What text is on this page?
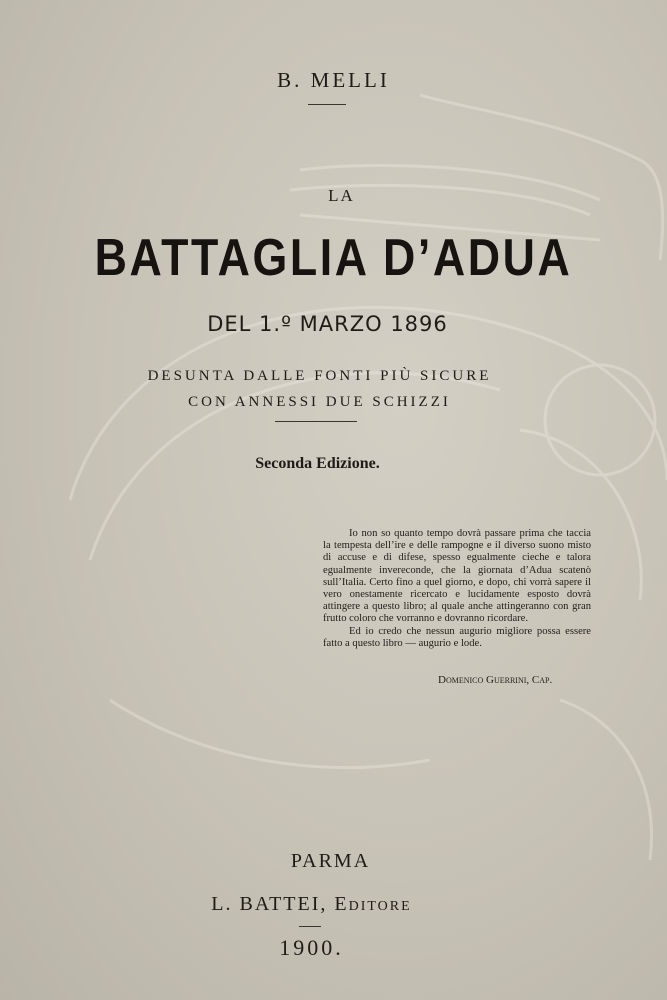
B. MELLI
LA
BATTAGLIA D’ADUA
DEL 1.º MARZO 1896
DESUNTA DALLE FONTI PIÙ SICURE
CON ANNESSI DUE SCHIZZI
Seconda Edizione.

Io non so quanto tempo dovrà passare prima che taccia la tempesta dell’ire e delle rampogne e il diverso suono misto di accuse e di difese, spesso egualmente cieche e talora egualmente inverecondе, che la giornata d’Adua scatenò sull’Italia. Certo fino a quel giorno, e dopo, chi vorrà sapere il vero onestamente ricercato e lucidamente esposto dovrà attingere a questo libro; al quale anche attingeranno con gran frutto coloro che vorranno e dovranno ricordare.

Ed io credo che nessun augurio migliore possa essere fatto a questo libro — augurio e lode.

Domenico Guerrini, Cap.
PARMA
L. BATTEI, Editore
1900.
